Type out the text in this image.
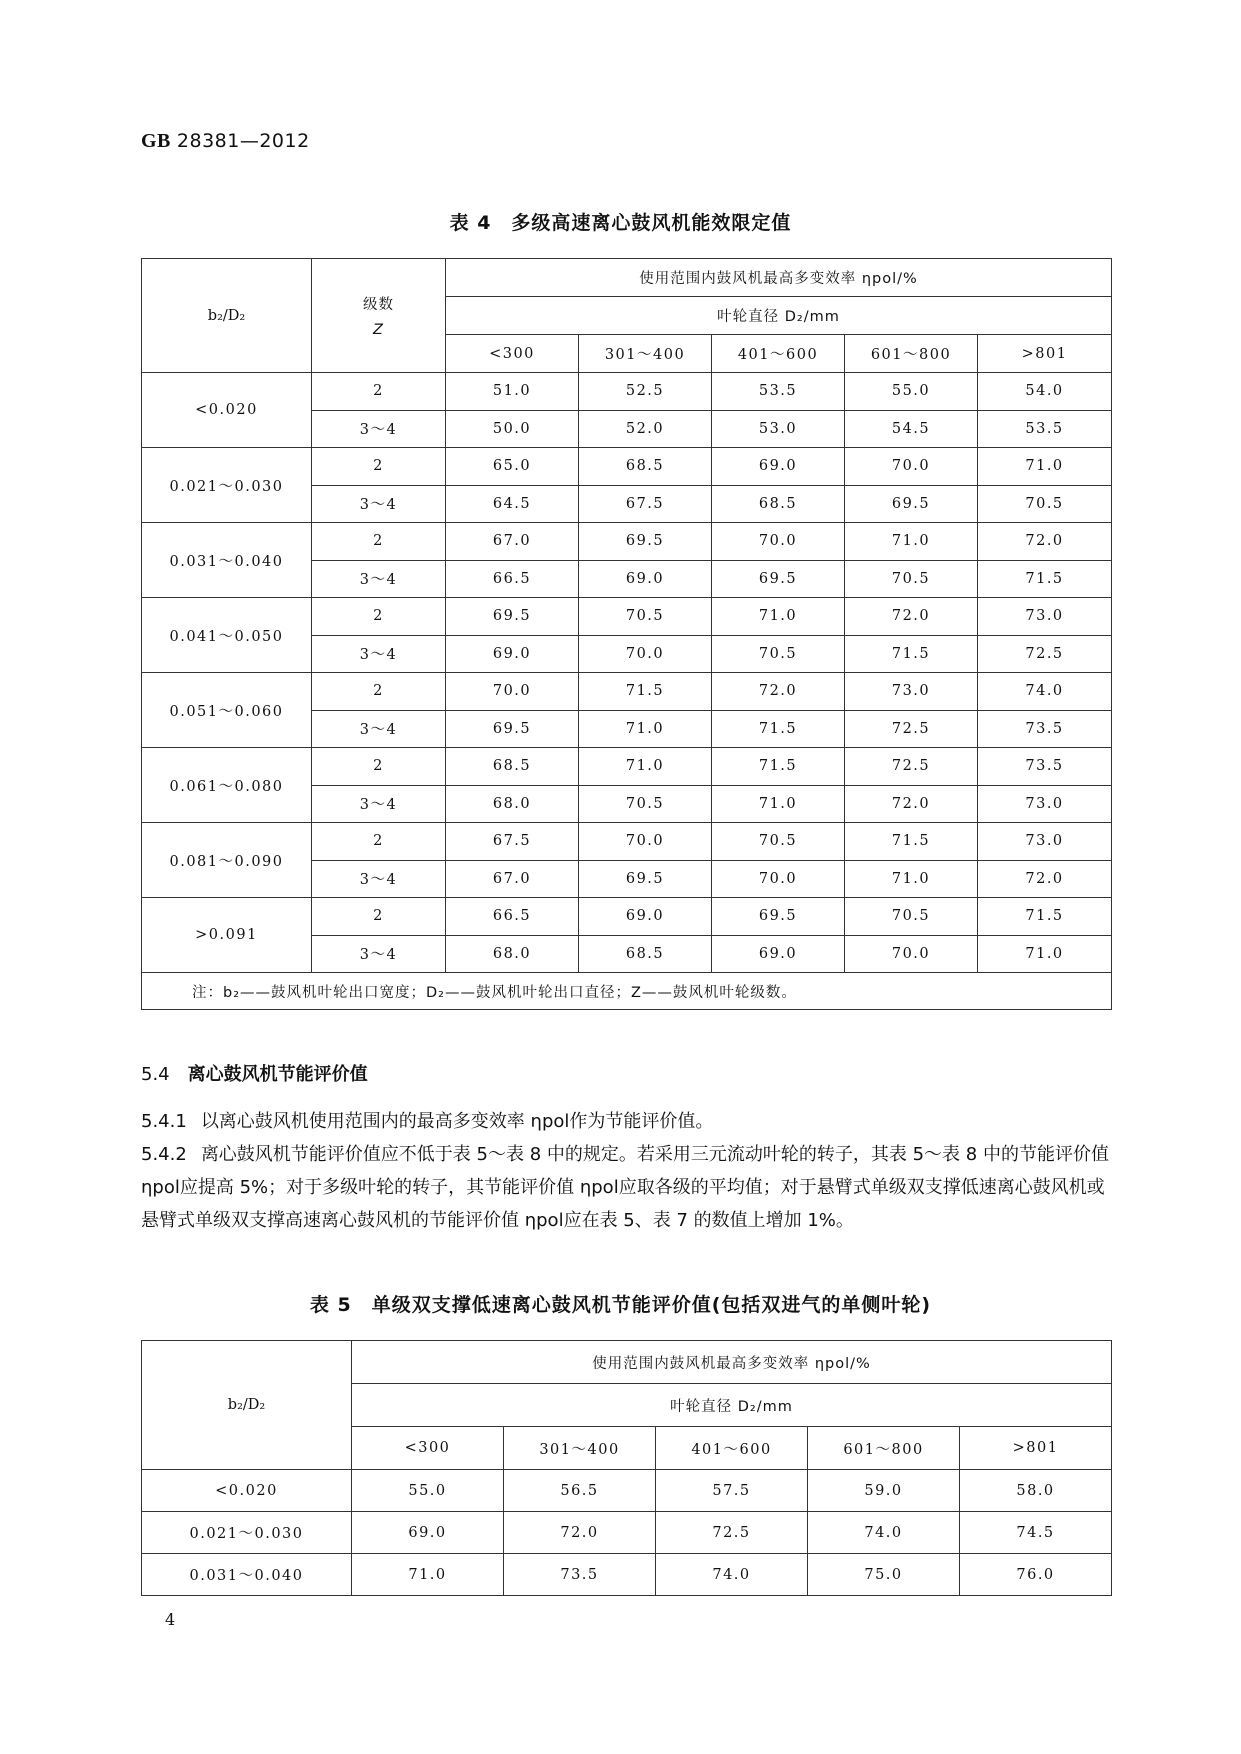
GB 28381—2012
表 4　多级高速离心鼓风机能效限定值
b₂/D₂	级数
Z	使用范围内鼓风机最高多变效率 ηpol/%				
		叶轮直径 D₂/mm				
		<300	301～400	401～600	601～800	>801
<0.020	2	51.0	52.5	53.5	55.0	54.0
	3～4	50.0	52.0	53.0	54.5	53.5
0.021～0.030	2	65.0	68.5	69.0	70.0	71.0
	3～4	64.5	67.5	68.5	69.5	70.5
0.031～0.040	2	67.0	69.5	70.0	71.0	72.0
	3～4	66.5	69.0	69.5	70.5	71.5
0.041～0.050	2	69.5	70.5	71.0	72.0	73.0
	3～4	69.0	70.0	70.5	71.5	72.5
0.051～0.060	2	70.0	71.5	72.0	73.0	74.0
	3～4	69.5	71.0	71.5	72.5	73.5
0.061～0.080	2	68.5	71.0	71.5	72.5	73.5
	3～4	68.0	70.5	71.0	72.0	73.0
0.081～0.090	2	67.5	70.0	70.5	71.5	73.0
	3～4	67.0	69.5	70.0	71.0	72.0
>0.091	2	66.5	69.0	69.5	70.5	71.5
	3～4	68.0	68.5	69.0	70.0	71.0
注：b₂——鼓风机叶轮出口宽度；D₂——鼓风机叶轮出口直径；Z——鼓风机叶轮级数。						
5.4 离心鼓风机节能评价值
5.4.1 以离心鼓风机使用范围内的最高多变效率 ηpol作为节能评价值。
5.4.2 离心鼓风机节能评价值应不低于表 5～表 8 中的规定。若采用三元流动叶轮的转子，其表 5～表 8 中的节能评价值 ηpol应提高 5%；对于多级叶轮的转子，其节能评价值 ηpol应取各级的平均值；对于悬臂式单级双支撑低速离心鼓风机或悬臂式单级双支撑高速离心鼓风机的节能评价值 ηpol应在表 5、表 7 的数值上增加 1%。
表 5　单级双支撑低速离心鼓风机节能评价值(包括双进气的单侧叶轮)
b₂/D₂	使用范围内鼓风机最高多变效率 ηpol/%				
	叶轮直径 D₂/mm				
	<300	301～400	401～600	601～800	>801
<0.020	55.0	56.5	57.5	59.0	58.0
0.021～0.030	69.0	72.0	72.5	74.0	74.5
0.031～0.040	71.0	73.5	74.0	75.0	76.0
4
